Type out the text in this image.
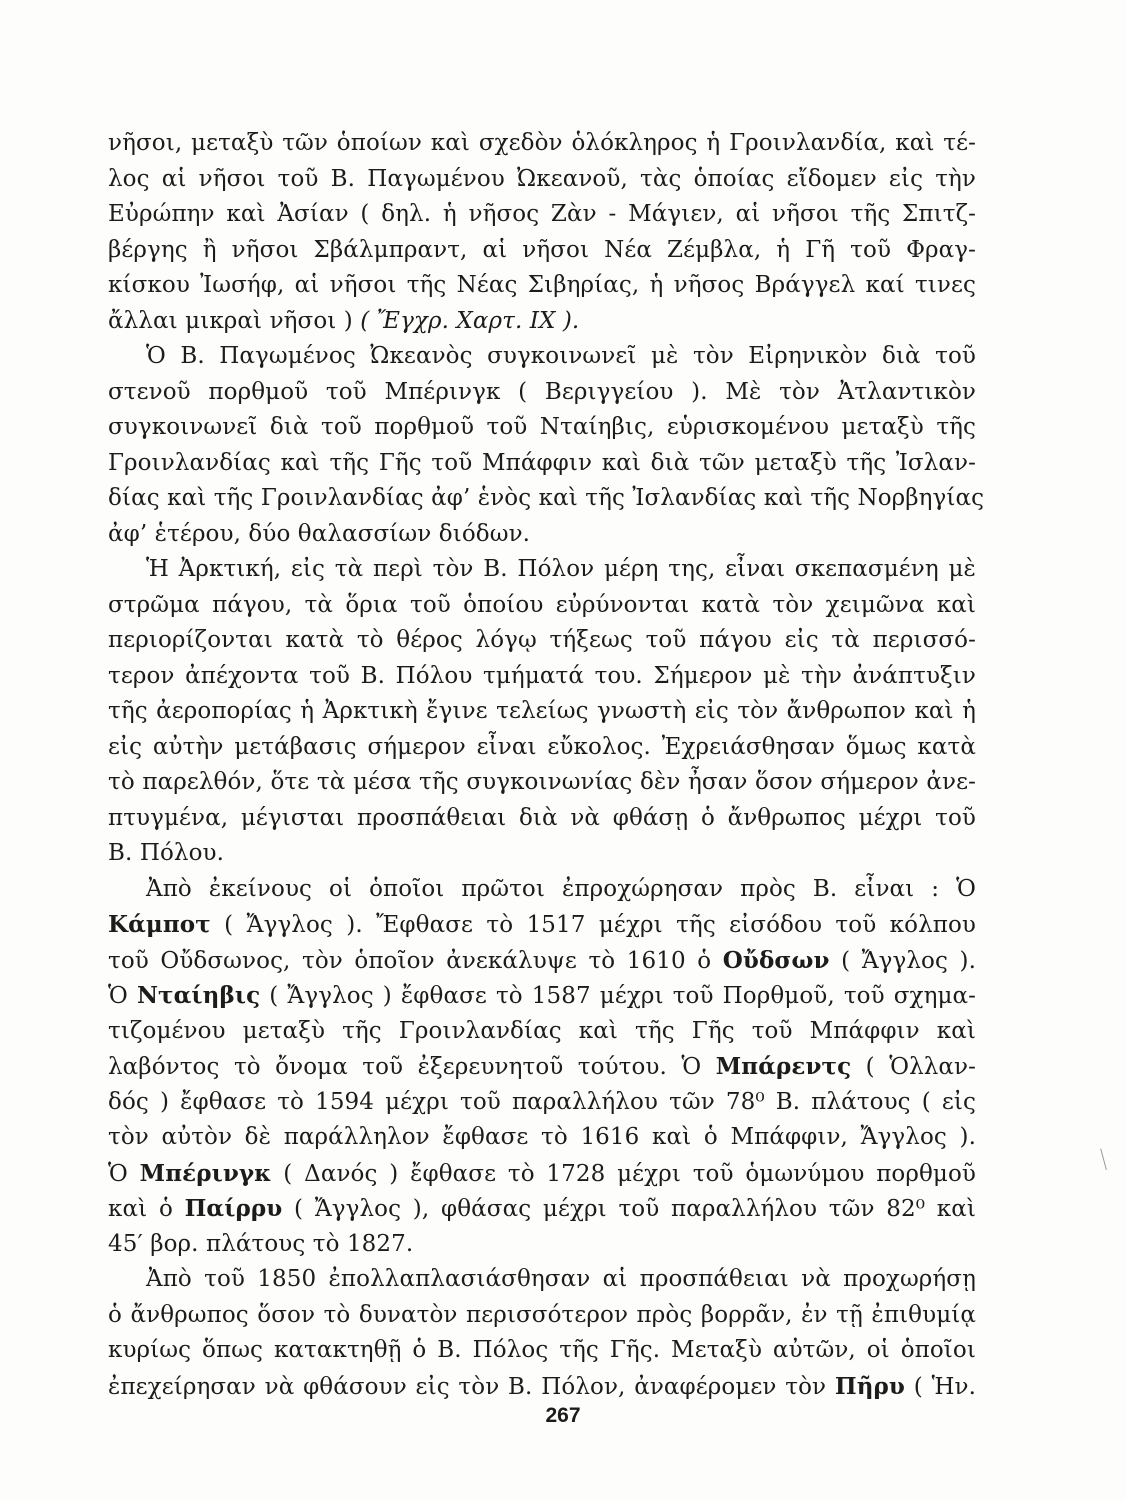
νῆσοι, μεταξὺ τῶν ὁποίων καὶ σχεδὸν ὁλόκληρος ἡ Γροινλανδία, καὶ τέ-
λος αἱ νῆσοι τοῦ Β. Παγωμένου Ὠκεανοῦ, τὰς ὁποίας εἴδομεν εἰς τὴν
Εὐρώπην καὶ Ἀσίαν ( δηλ. ἡ νῆσος Ζὰν - Μάγιεν, αἱ νῆσοι τῆς Σπιτζ-
βέργης ἢ νῆσοι Σβάλμπραντ, αἱ νῆσοι Νέα Ζέμβλα, ἡ Γῆ τοῦ Φραγ-
κίσκου Ἰωσήφ, αἱ νῆσοι τῆς Νέας Σιβηρίας, ἡ νῆσος Βράγγελ καί τινες
ἄλλαι μικραὶ νῆσοι ) ( Ἔγχρ. Χαρτ. IX ).
Ὁ Β. Παγωμένος Ὠκεανὸς συγκοινωνεῖ μὲ τὸν Εἰρηνικὸν διὰ τοῦ
στενοῦ πορθμοῦ τοῦ Μπέρινγκ ( Βεριγγείου ). Μὲ τὸν Ἀτλαντικὸν
συγκοινωνεῖ διὰ τοῦ πορθμοῦ τοῦ Νταίηβις, εὑρισκομένου μεταξὺ τῆς
Γροινλανδίας καὶ τῆς Γῆς τοῦ Μπάφφιν καὶ διὰ τῶν μεταξὺ τῆς Ἰσλαν-
δίας καὶ τῆς Γροινλανδίας ἀφ’ ἑνὸς καὶ τῆς Ἰσλανδίας καὶ τῆς Νορβηγίας
ἀφ’ ἑτέρου, δύο θαλασσίων διόδων.
Ἡ Ἀρκτική, εἰς τὰ περὶ τὸν Β. Πόλον μέρη της, εἶναι σκεπασμένη μὲ
στρῶμα πάγου, τὰ ὅρια τοῦ ὁποίου εὐρύνονται κατὰ τὸν χειμῶνα καὶ
περιορίζονται κατὰ τὸ θέρος λόγῳ τήξεως τοῦ πάγου εἰς τὰ περισσό-
τερον ἀπέχοντα τοῦ Β. Πόλου τμήματά του. Σήμερον μὲ τὴν ἀνάπτυξιν
τῆς ἀεροπορίας ἡ Ἀρκτικὴ ἔγινε τελείως γνωστὴ εἰς τὸν ἄνθρωπον καὶ ἡ
εἰς αὐτὴν μετάβασις σήμερον εἶναι εὔκολος. Ἐχρειάσθησαν ὅμως κατὰ
τὸ παρελθόν, ὅτε τὰ μέσα τῆς συγκοινωνίας δὲν ἦσαν ὅσον σήμερον ἀνε-
πτυγμένα, μέγισται προσπάθειαι διὰ νὰ φθάσῃ ὁ ἄνθρωπος μέχρι τοῦ
Β. Πόλου.
Ἀπὸ ἐκείνους οἱ ὁποῖοι πρῶτοι ἐπροχώρησαν πρὸς Β. εἶναι : Ὁ
Κάμποτ ( Ἄγγλος ). Ἔφθασε τὸ 1517 μέχρι τῆς εἰσόδου τοῦ κόλπου
τοῦ Οὔδσωνος, τὸν ὁποῖον ἀνεκάλυψε τὸ 1610 ὁ Οὔδσων ( Ἄγγλος ).
Ὁ Νταίηβις ( Ἄγγλος ) ἔφθασε τὸ 1587 μέχρι τοῦ Πορθμοῦ, τοῦ σχημα-
τιζομένου μεταξὺ τῆς Γροινλανδίας καὶ τῆς Γῆς τοῦ Μπάφφιν καὶ
λαβόντος τὸ ὄνομα τοῦ ἐξερευνητοῦ τούτου. Ὁ Μπάρεντς ( Ὁλλαν-
δός ) ἔφθασε τὸ 1594 μέχρι τοῦ παραλλήλου τῶν 78⁰ Β. πλάτους ( εἰς
τὸν αὐτὸν δὲ παράλληλον ἔφθασε τὸ 1616 καὶ ὁ Μπάφφιν, Ἄγγλος ).
Ὁ Μπέρινγκ ( Δανός ) ἔφθασε τὸ 1728 μέχρι τοῦ ὁμωνύμου πορθμοῦ
καὶ ὁ Παίρρυ ( Ἄγγλος ), φθάσας μέχρι τοῦ παραλλήλου τῶν 82⁰ καὶ
45′ βορ. πλάτους τὸ 1827.
Ἀπὸ τοῦ 1850 ἐπολλαπλασιάσθησαν αἱ προσπάθειαι νὰ προχωρήσῃ
ὁ ἄνθρωπος ὅσον τὸ δυνατὸν περισσότερον πρὸς βορρᾶν, ἐν τῇ ἐπιθυμίᾳ
κυρίως ὅπως κατακτηθῇ ὁ Β. Πόλος τῆς Γῆς. Μεταξὺ αὐτῶν, οἱ ὁποῖοι
ἐπεχείρησαν νὰ φθάσουν εἰς τὸν Β. Πόλον, ἀναφέρομεν τὸν Πῆρυ ( Ἡν.
267
